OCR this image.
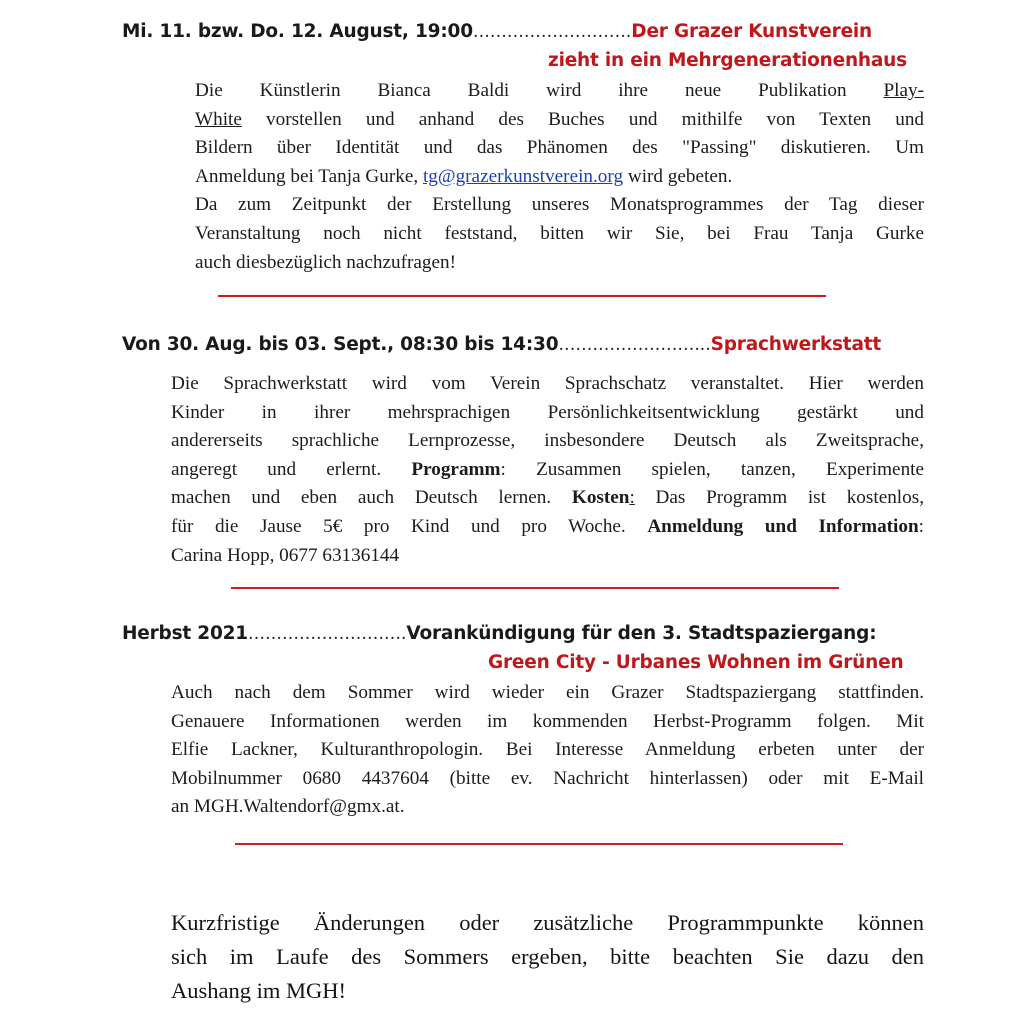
Mi. 11. bzw. Do. 12. August, 19:00……………………….Der Grazer Kunstverein
zieht in ein Mehrgenerationenhaus
Die Künstlerin Bianca Baldi wird ihre neue Publikation Play-
White vorstellen und anhand des Buches und mithilfe von Texten und
Bildern über Identität und das Phänomen des "Passing" diskutieren. Um
Anmeldung bei Tanja Gurke, tg@grazerkunstverein.org wird gebeten.
Da zum Zeitpunkt der Erstellung unseres Monatsprogrammes der Tag dieser
Veranstaltung noch nicht feststand, bitten wir Sie, bei Frau Tanja Gurke
auch diesbezüglich nachzufragen!
Von 30. Aug. bis 03. Sept., 08:30 bis 14:30……………………...Sprachwerkstatt
Die Sprachwerkstatt wird vom Verein Sprachschatz veranstaltet. Hier werden
Kinder in ihrer mehrsprachigen Persönlichkeitsentwicklung gestärkt und
andererseits sprachliche Lernprozesse, insbesondere Deutsch als Zweitsprache,
angeregt und erlernt. Programm: Zusammen spielen, tanzen, Experimente
machen und eben auch Deutsch lernen. Kosten: Das Programm ist kostenlos,
für die Jause 5€ pro Kind und pro Woche. Anmeldung und Information:
Carina Hopp, 0677 63136144
Herbst 2021……………………….Vorankündigung für den 3. Stadtspaziergang:
Green City - Urbanes Wohnen im Grünen
Auch nach dem Sommer wird wieder ein Grazer Stadtspaziergang stattfinden.
Genauere Informationen werden im kommenden Herbst-Programm folgen. Mit
Elfie Lackner, Kulturanthropologin. Bei Interesse Anmeldung erbeten unter der
Mobilnummer 0680 4437604 (bitte ev. Nachricht hinterlassen) oder mit E-Mail
an MGH.Waltendorf@gmx.at.
Kurzfristige Änderungen oder zusätzliche Programmpunkte können
sich im Laufe des Sommers ergeben, bitte beachten Sie dazu den
Aushang im MGH!
